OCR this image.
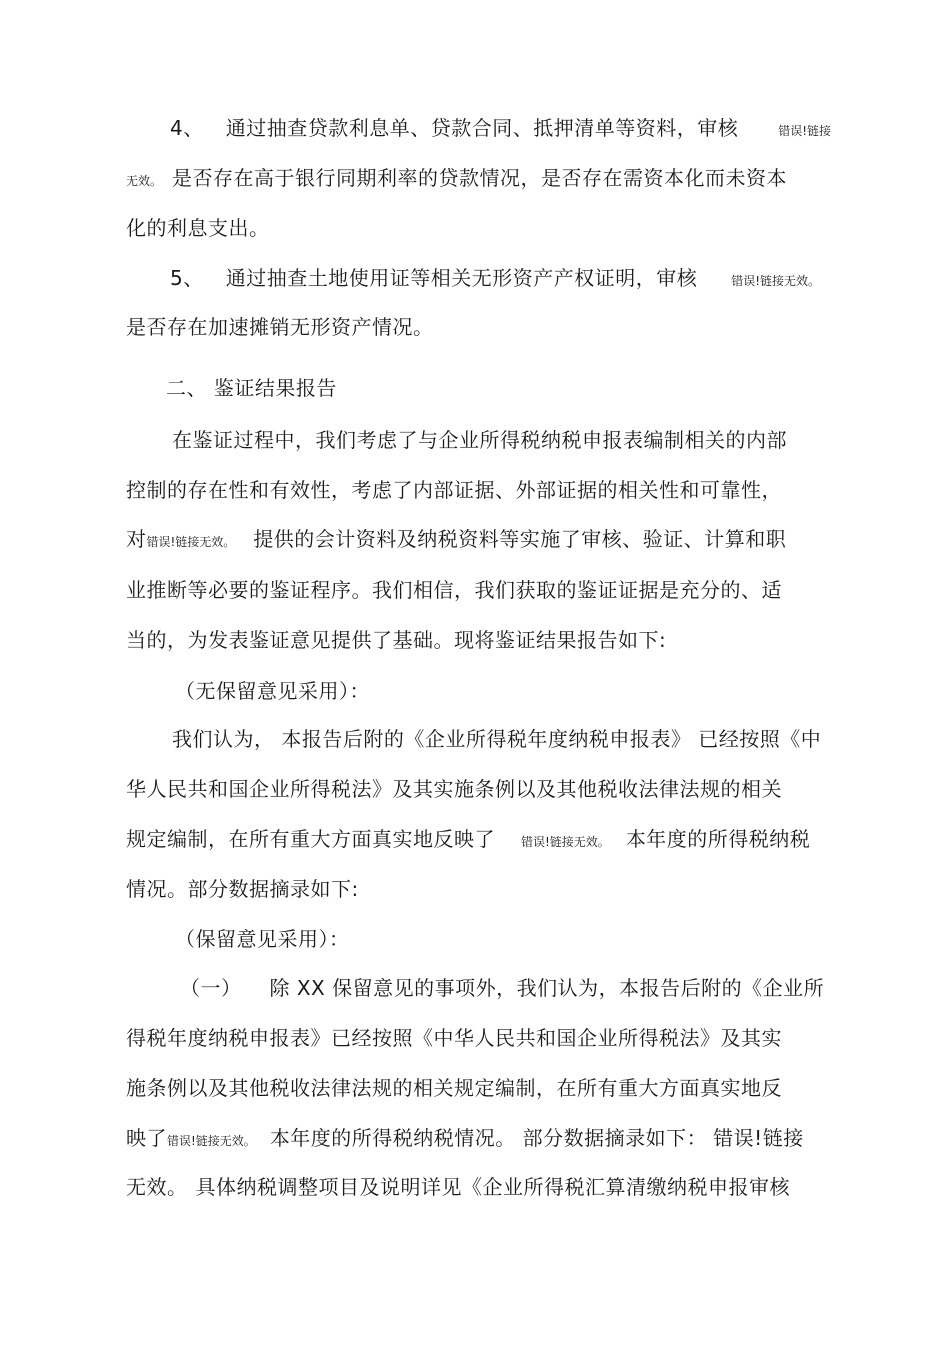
4、 通过抽查贷款利息单、贷款合同、抵押清单等资料，审核	错误!链接
无效。 是否存在高于银行同期利率的贷款情况，是否存在需资本化而未资本
化的利息支出。
5、 通过抽查土地使用证等相关无形资产产权证明，审核	错误!链接无效。
是否存在加速摊销无形资产情况。
二、 鉴证结果报告
在鉴证过程中，我们考虑了与企业所得税纳税申报表编制相关的内部
控制的存在性和有效性，考虑了内部证据、外部证据的相关性和可靠性，
对错误!链接无效。 提供的会计资料及纳税资料等实施了审核、验证、计算和职
业推断等必要的鉴证程序。我们相信，我们获取的鉴证证据是充分的、适
当的，为发表鉴证意见提供了基础。现将鉴证结果报告如下:
（无保留意见采用）：
我们认为， 本报告后附的《企业所得税年度纳税申报表》 已经按照《中
华人民共和国企业所得税法》及其实施条例以及其他税收法律法规的相关
规定编制，在所有重大方面真实地反映了 错误!链接无效。 本年度的所得税纳税
情况。部分数据摘录如下:
（保留意见采用）：
（一） 除 XX 保留意见的事项外，我们认为，本报告后附的《企业所
得税年度纳税申报表》已经按照《中华人民共和国企业所得税法》及其实
施条例以及其他税收法律法规的相关规定编制，在所有重大方面真实地反
映了错误!链接无效。 本年度的所得税纳税情况。 部分数据摘录如下： 错误!链接
无效。 具体纳税调整项目及说明详见《企业所得税汇算清缴纳税申报审核
